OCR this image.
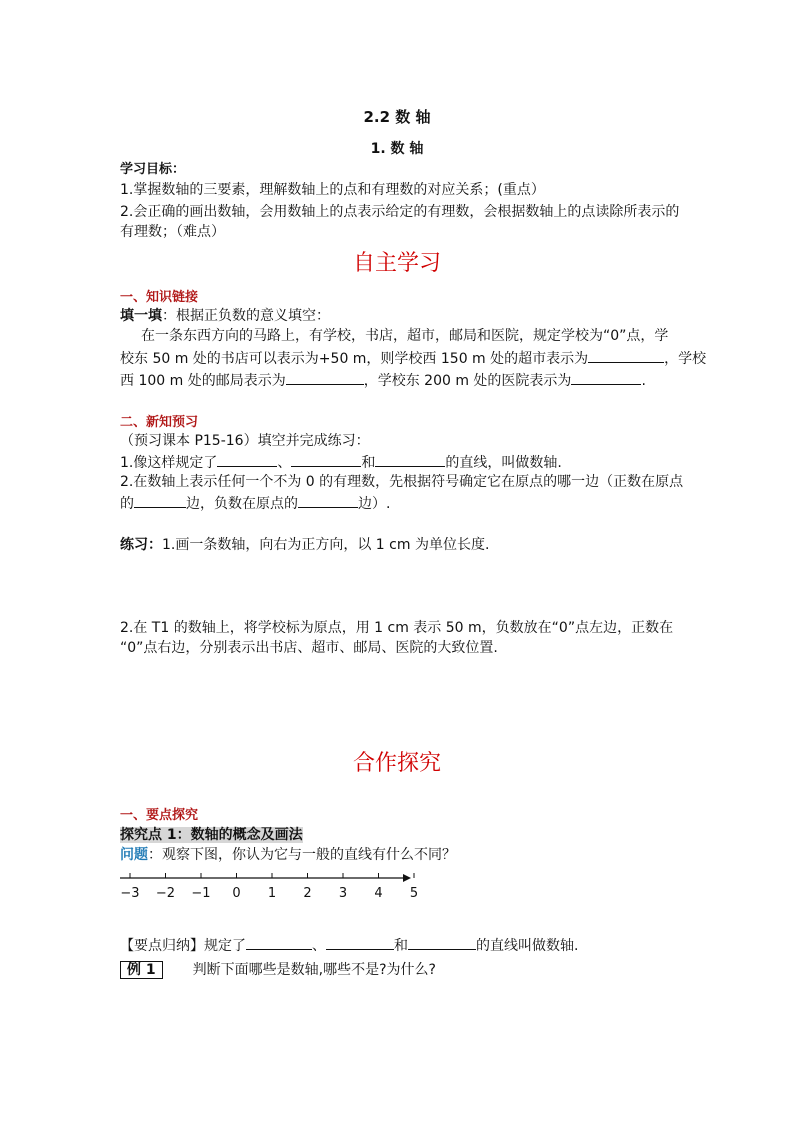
2.2 数 轴
1. 数 轴
学习目标：
1.掌握数轴的三要素，理解数轴上的点和有理数的对应关系；(重点）
2.会正确的画出数轴，会用数轴上的点表示给定的有理数，会根据数轴上的点读除所表示的
有理数；（难点）
自主学习
一、知识链接
填一填：根据正负数的意义填空：
在一条东西方向的马路上，有学校，书店，超市，邮局和医院，规定学校为“0”点，学
校东 50 m 处的书店可以表示为+50 m，则学校西 150 m 处的超市表示为	，学校
西 100 m 处的邮局表示为	，学校东 200 m 处的医院表示为	.
二、新知预习
（预习课本 P15-16）填空并完成练习：
1.像这样规定了	、	和	的直线，叫做数轴.
2.在数轴上表示任何一个不为 0 的有理数，先根据符号确定它在原点的哪一边（正数在原点
的	边，负数在原点的	边）.
练习：1.画一条数轴，向右为正方向，以 1 cm 为单位长度.
2.在 T1 的数轴上，将学校标为原点，用 1 cm 表示 50 m，负数放在“0”点左边，正数在
“0”点右边，分别表示出书店、超市、邮局、医院的大致位置.
合作探究
一、要点探究
探究点 1：数轴的概念及画法
问题：观察下图，你认为它与一般的直线有什么不同？
−3 −2 −1 0 1 2 3 4 5
【要点归纳】规定了	、	和	的直线叫做数轴.
例 1	判断下面哪些是数轴,哪些不是?为什么?
